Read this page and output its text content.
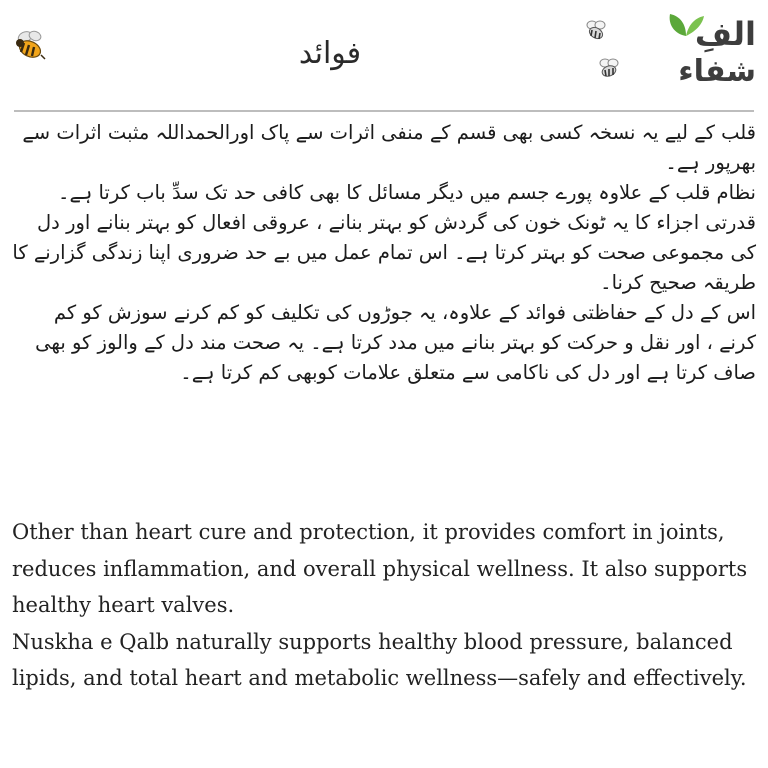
فوائد
الفِ
شفاء

قلب کے لیے یہ نسخہ کسی بھی قسم کے منفی اثرات سے پاک اورالحمداللہ مثبت اثرات سے بھرپور ہے۔

نظام قلب کے علاوہ پورے جسم میں دیگر مسائل کا بھی کافی حد تک سدِّ باب کرتا ہے۔ قدرتی اجزاء کا یہ ٹونک خون کی گردش کو بہتر بنانے ، عروقی افعال کو بہتر بنانے اور دل کی مجموعی صحت کو بہتر کرتا ہے۔ اس تمام عمل میں بے حد ضروری اپنا زندگی گزارنے کا طریقہ صحیح کرنا۔

اس کے دل کے حفاظتی فوائد کے علاوہ، یہ جوڑوں کی تکلیف کو کم کرنے سوزش کو کم کرنے ، اور نقل و حرکت کو بہتر بنانے میں مدد کرتا ہے۔ یہ صحت مند دل کے والوز کو بھی صاف کرتا ہے اور دل کی ناکامی سے متعلق علامات کوبھی کم کرتا ہے۔

Other than heart cure and protection, it provides comfort in joints, reduces inflammation, and overall physical wellness. It also supports healthy heart valves.

Nuskha e Qalb naturally supports healthy blood pressure, balanced lipids, and total heart and metabolic wellness—safely and effectively.
